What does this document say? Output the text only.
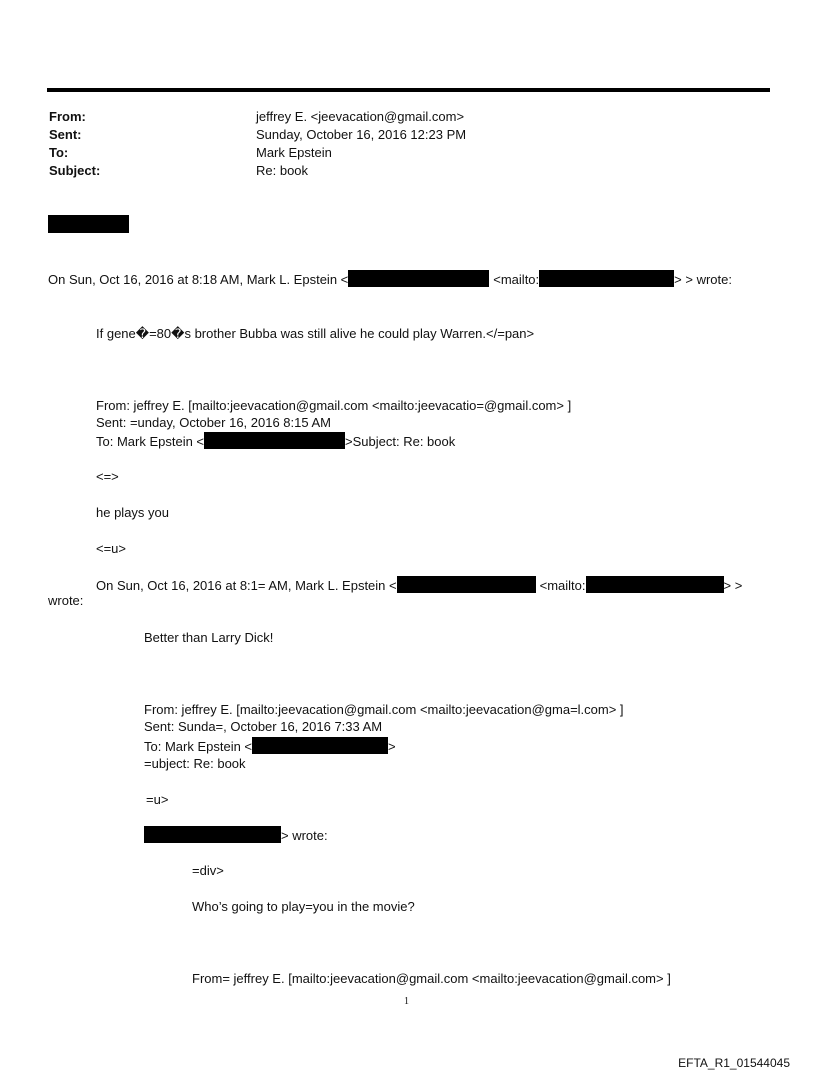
From:	jeffrey E. <jeevacation@gmail.com>
Sent:	Sunday, October 16, 2016 12:23 PM
To:	Mark Epstein
Subject:	Re: book
On Sun, Oct 16, 2016 at 8:18 AM, Mark L. Epstein <	<mailto:	> > wrote:
If gene�=80�s brother Bubba was still alive he could play Warren.</=pan>
From: jeffrey E. [mailto:jeevacation@gmail.com <mailto:jeevacatio=@gmail.com> ]
Sent: =unday, October 16, 2016 8:15 AM
To: Mark Epstein <	>Subject: Re: book
<=>
he plays you
<=u>
On Sun, Oct 16, 2016 at 8:1= AM, Mark L. Epstein <	<mailto:	> >
wrote:
Better than Larry Dick!
From: jeffrey E. [mailto:jeevacation@gmail.com <mailto:jeevacation@gma=l.com> ]
Sent: Sunda=, October 16, 2016 7:33 AM
To: Mark Epstein <	>
=ubject: Re: book
=u>
> wrote:
=div>
Who’s going to play=you in the movie?
From= jeffrey E. [mailto:jeevacation@gmail.com <mailto:jeevacation@gmail.com> ]
1
EFTA_R1_01544045
